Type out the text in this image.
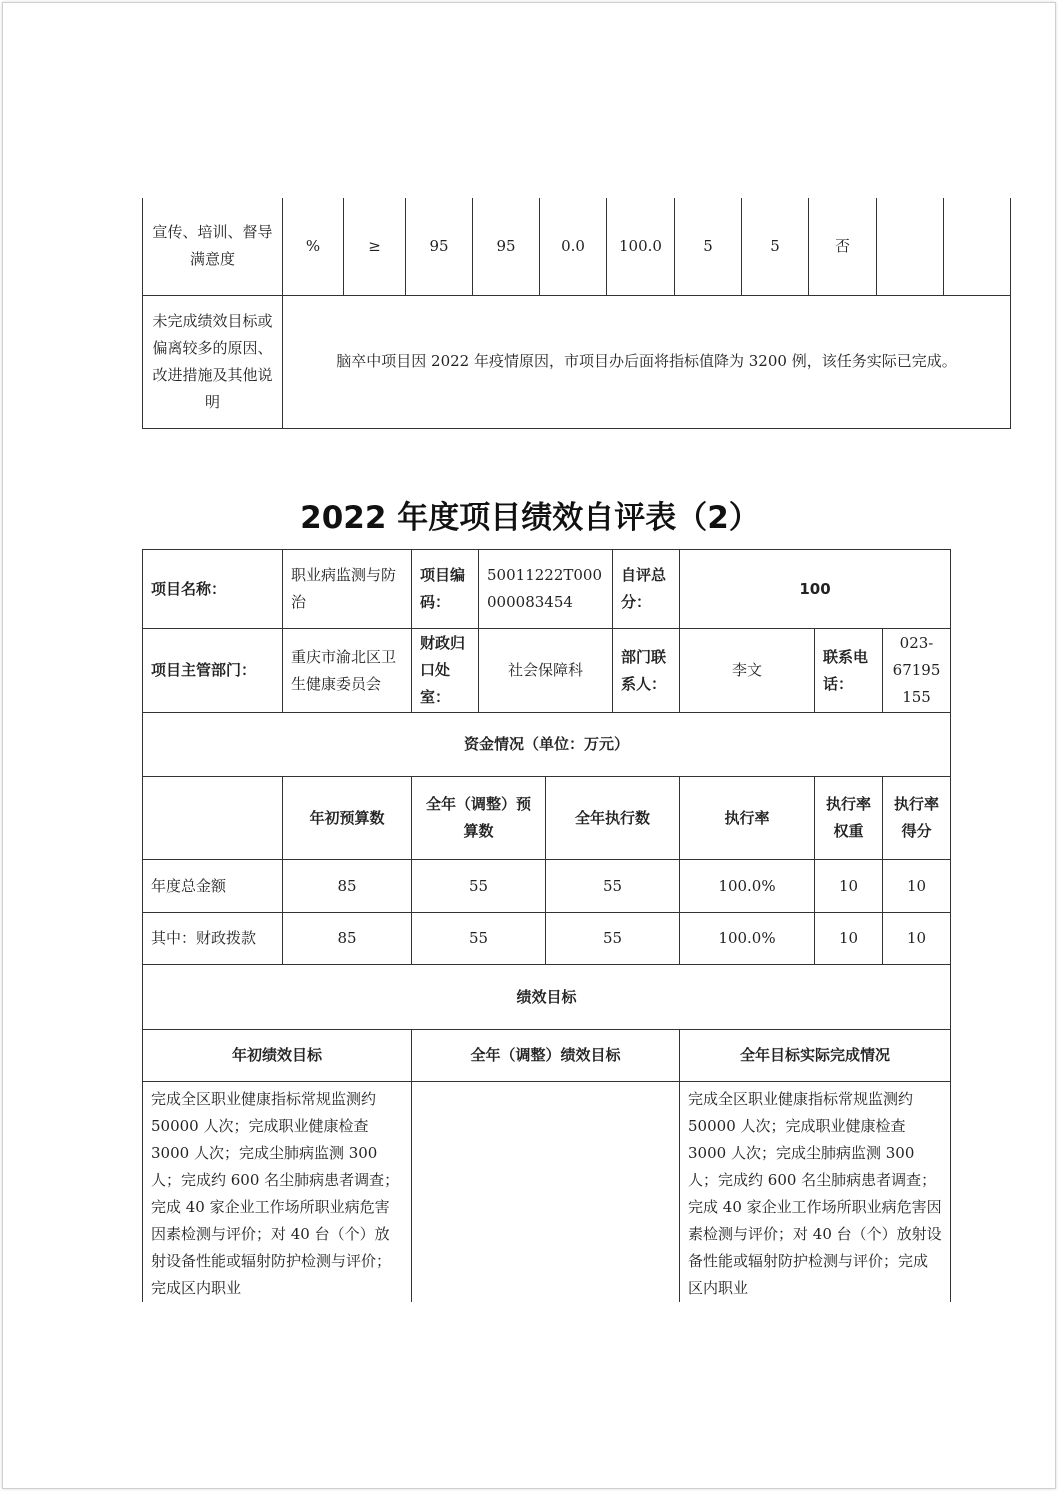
宣传、培训、督导满意度	%	≥	95	95	0.0	100.0	5	5	否		
未完成绩效目标或偏离较多的原因、改进措施及其他说明	脑卒中项目因 2022 年疫情原因，市项目办后面将指标值降为 3200 例，该任务实际已完成。										
2022 年度项目绩效自评表（2）
项目名称：	职业病监测与防治	项目编码：	50011222T000000083454		自评总分：	100		
项目主管部门：	重庆市渝北区卫生健康委员会	财政归口处室：	社会保障科		部门联系人：	李文	联系电话：	023-67195155
资金情况（单位：万元）								
	年初预算数	全年（调整）预算数		全年执行数		执行率	执行率权重	执行率得分
年度总金额	85	55		55		100.0%	10	10
其中：财政拨款	85	55		55		100.0%	10	10
绩效目标								
年初绩效目标		全年（调整）绩效目标				全年目标实际完成情况		
完成全区职业健康指标常规监测约 50000 人次；完成职业健康检查 3000 人次；完成尘肺病监测 300 人；完成约 600 名尘肺病患者调查；完成 40 家企业工作场所职业病危害因素检测与评价；对 40 台（个）放射设备性能或辐射防护检测与评价；完成区内职业						完成全区职业健康指标常规监测约 50000 人次；完成职业健康检查 3000 人次；完成尘肺病监测 300 人；完成约 600 名尘肺病患者调查；完成 40 家企业工作场所职业病危害因素检测与评价；对 40 台（个）放射设备性能或辐射防护检测与评价；完成区内职业		
